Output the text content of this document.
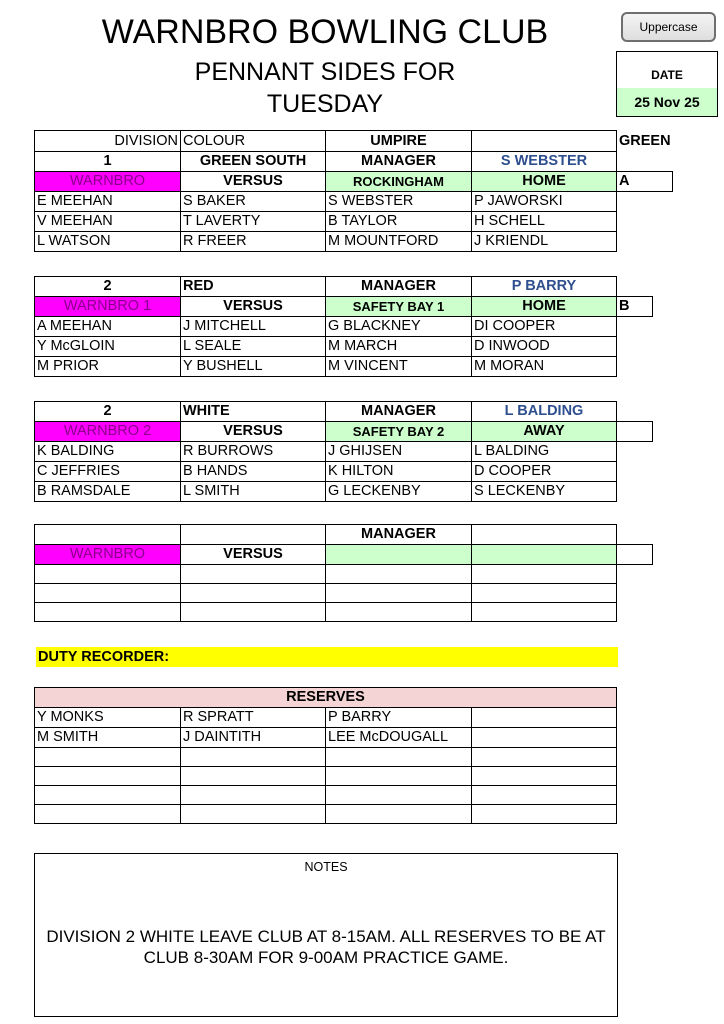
WARNBRO BOWLING CLUB
PENNANT SIDES FOR
TUESDAY
Uppercase
DATE
25 Nov 25
DIVISION	COLOUR	UMPIRE		GREEN
1	GREEN SOUTH	MANAGER	S WEBSTER	
WARNBRO	VERSUS	ROCKINGHAM	HOME	A
E MEEHAN	S BAKER	S WEBSTER	P JAWORSKI	
V MEEHAN	T LAVERTY	B TAYLOR	H SCHELL	
L WATSON	R FREER	M MOUNTFORD	J KRIENDL	
2	RED	MANAGER	P BARRY	
WARNBRO 1	VERSUS	SAFETY BAY 1	HOME	B
A MEEHAN	J MITCHELL	G BLACKNEY	DI COOPER	
Y McGLOIN	L SEALE	M MARCH	D INWOOD	
M PRIOR	Y BUSHELL	M VINCENT	M MORAN	
2	WHITE	MANAGER	L BALDING	
WARNBRO 2	VERSUS	SAFETY BAY 2	AWAY	
K BALDING	R BURROWS	J GHIJSEN	L BALDING	
C JEFFRIES	B HANDS	K HILTON	D COOPER	
B RAMSDALE	L SMITH	G LECKENBY	S LECKENBY	
		MANAGER		
WARNBRO	VERSUS			

DUTY RECORDER:
RESERVES			
Y MONKS	R SPRATT	P BARRY	
M SMITH	J DAINTITH	LEE McDOUGALL	

NOTES
DIVISION 2 WHITE LEAVE CLUB AT 8-15AM. ALL RESERVES TO BE AT CLUB 8-30AM FOR 9-00AM PRACTICE GAME.
